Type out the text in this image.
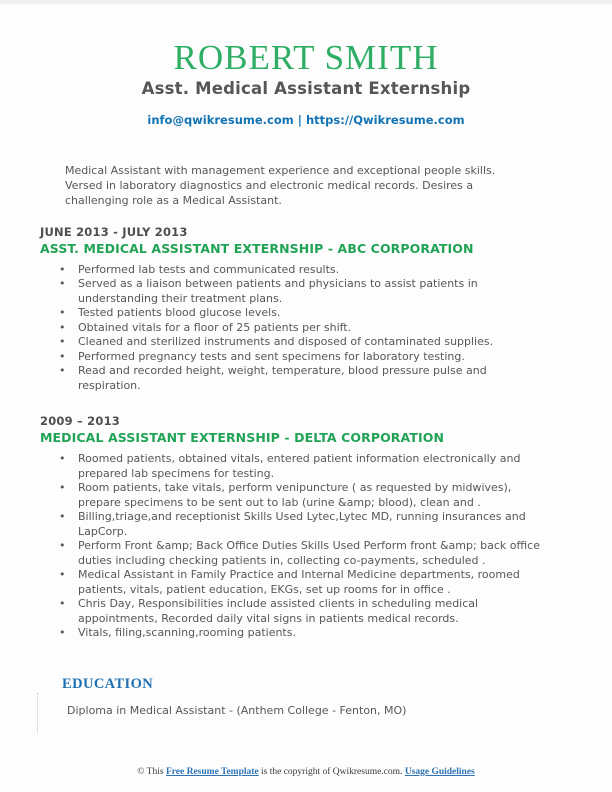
ROBERT SMITH
Asst. Medical Assistant Externship
info@qwikresume.com | https://Qwikresume.com
Medical Assistant with management experience and exceptional people skills. Versed in laboratory diagnostics and electronic medical records. Desires a challenging role as a Medical Assistant.
JUNE 2013 - JULY 2013
ASST. MEDICAL ASSISTANT EXTERNSHIP - ABC CORPORATION
• Performed lab tests and communicated results.
• Served as a liaison between patients and physicians to assist patients in understanding their treatment plans.
• Tested patients blood glucose levels.
• Obtained vitals for a floor of 25 patients per shift.
• Cleaned and sterilized instruments and disposed of contaminated supplies.
• Performed pregnancy tests and sent specimens for laboratory testing.
• Read and recorded height, weight, temperature, blood pressure pulse and respiration.
2009 – 2013
MEDICAL ASSISTANT EXTERNSHIP - DELTA CORPORATION
• Roomed patients, obtained vitals, entered patient information electronically and prepared lab specimens for testing.
• Room patients, take vitals, perform venipuncture ( as requested by midwives), prepare specimens to be sent out to lab (urine &amp; blood), clean and .
• Billing,triage,and receptionist Skills Used Lytec,Lytec MD, running insurances and LapCorp.
• Perform Front &amp; Back Office Duties Skills Used Perform front &amp; back office duties including checking patients in, collecting co-payments, scheduled .
• Medical Assistant in Family Practice and Internal Medicine departments, roomed patients, vitals, patient education, EKGs, set up rooms for in office .
• Chris Day, Responsibilities include assisted clients in scheduling medical appointments, Recorded daily vital signs in patients medical records.
• Vitals, filing,scanning,rooming patients.
EDUCATION
Diploma in Medical Assistant - (Anthem College - Fenton, MO)
© This Free Resume Template is the copyright of Qwikresume.com. Usage Guidelines
